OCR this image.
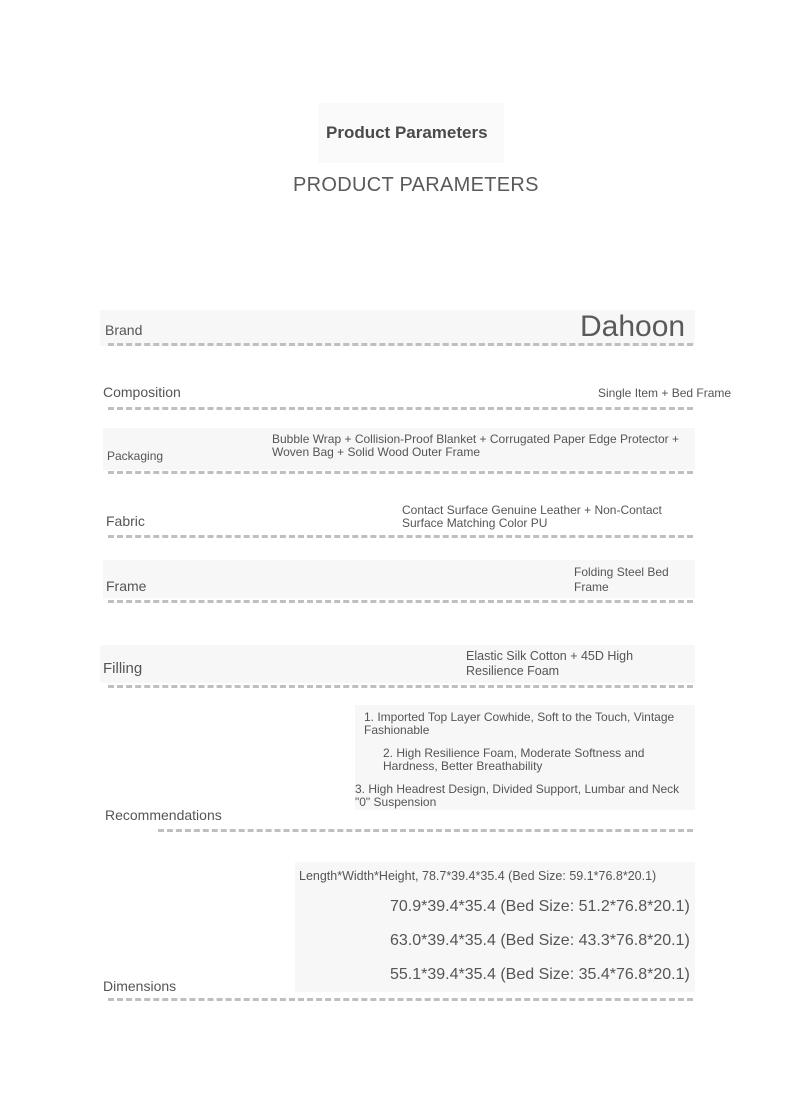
Product Parameters
PRODUCT PARAMETERS
Brand	Dahoon
Composition	Single Item + Bed Frame
Packaging
Bubble Wrap + Collision-Proof Blanket + Corrugated Paper Edge Protector + Woven Bag + Solid Wood Outer Frame
Fabric
Contact Surface Genuine Leather + Non-Contact Surface Matching Color PU
Frame
Folding Steel Bed Frame
Filling
Elastic Silk Cotton + 45D High Resilience Foam
1. Imported Top Layer Cowhide, Soft to the Touch, Vintage Fashionable
2. High Resilience Foam, Moderate Softness and Hardness, Better Breathability
3. High Headrest Design, Divided Support, Lumbar and Neck "0" Suspension
Recommendations
Length*Width*Height, 78.7*39.4*35.4 (Bed Size: 59.1*76.8*20.1)
70.9*39.4*35.4 (Bed Size: 51.2*76.8*20.1)
63.0*39.4*35.4 (Bed Size: 43.3*76.8*20.1)
55.1*39.4*35.4 (Bed Size: 35.4*76.8*20.1)
Dimensions
